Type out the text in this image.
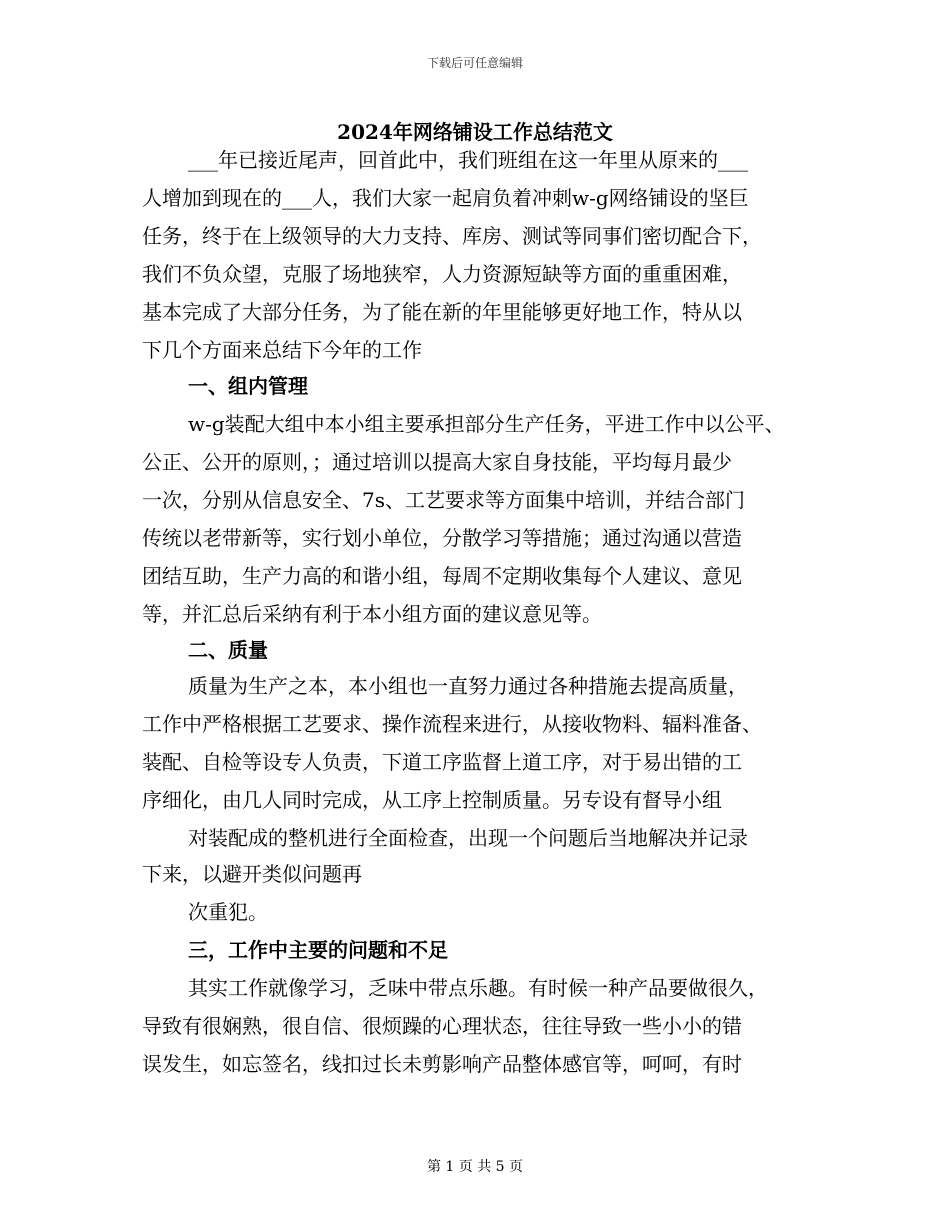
下载后可任意编辑
2024年网络铺设工作总结范文
___年已接近尾声，回首此中，我们班组在这一年里从原来的___
人增加到现在的___人，我们大家一起肩负着冲刺w-g网络铺设的坚巨
任务，终于在上级领导的大力支持、库房、测试等同事们密切配合下，
我们不负众望，克服了场地狭窄，人力资源短缺等方面的重重困难，
基本完成了大部分任务，为了能在新的年里能够更好地工作，特从以
下几个方面来总结下今年的工作
一、组内管理
w-g装配大组中本小组主要承担部分生产任务，平进工作中以公平、
公正、公开的原则，；通过培训以提高大家自身技能，平均每月最少
一次，分别从信息安全、7s、工艺要求等方面集中培训，并结合部门
传统以老带新等，实行划小单位，分散学习等措施；通过沟通以营造
团结互助，生产力高的和谐小组，每周不定期收集每个人建议、意见
等，并汇总后采纳有利于本小组方面的建议意见等。
二、质量
质量为生产之本，本小组也一直努力通过各种措施去提高质量，
工作中严格根据工艺要求、操作流程来进行，从接收物料、辐料准备、
装配、自检等设专人负责，下道工序监督上道工序，对于易出错的工
序细化，由几人同时完成，从工序上控制质量。另专设有督导小组
对装配成的整机进行全面检查，出现一个问题后当地解决并记录
下来，以避开类似问题再
次重犯。
三，工作中主要的问题和不足
其实工作就像学习，乏味中带点乐趣。有时候一种产品要做很久，
导致有很娴熟，很自信、很烦躁的心理状态，往往导致一些小小的错
误发生，如忘签名，线扣过长未剪影响产品整体感官等，呵呵，有时
第 1 页 共 5 页
